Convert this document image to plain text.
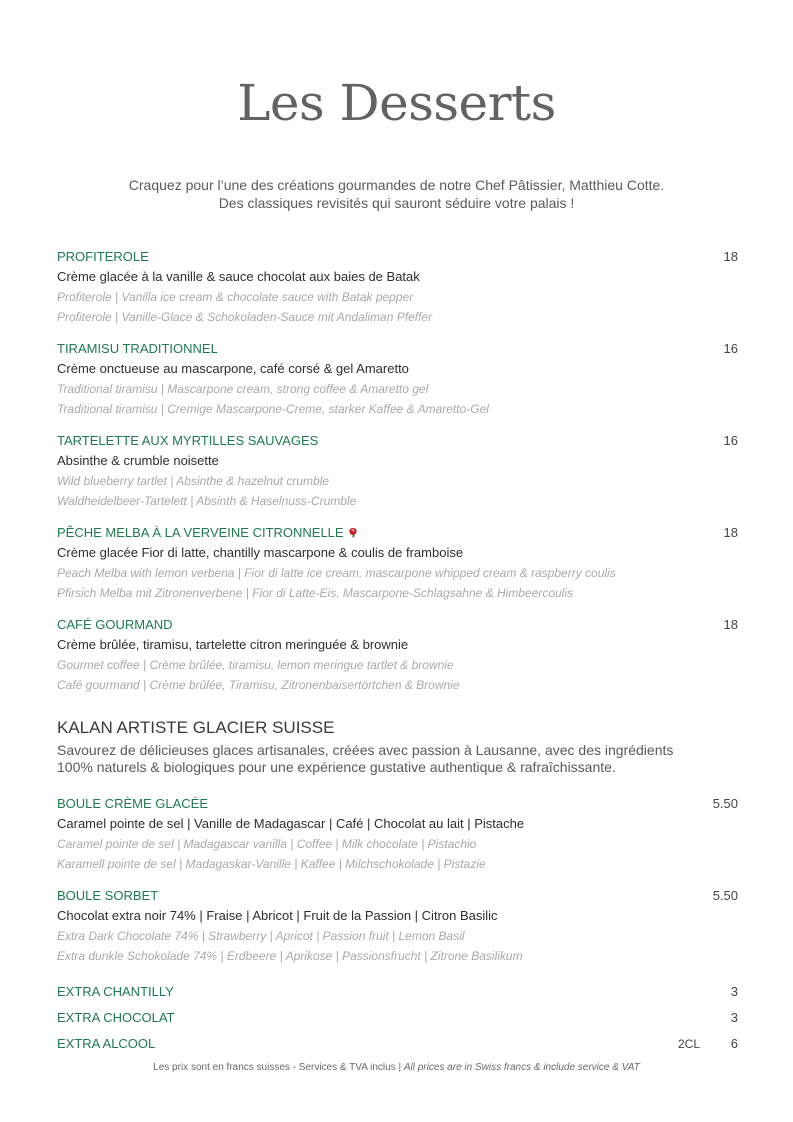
Les Desserts
Craquez pour l’une des créations gourmandes de notre Chef Pâtissier, Matthieu Cotte.
Des classiques revisités qui sauront séduire votre palais !
PROFITEROLE	18
Crème glacée à la vanille & sauce chocolat aux baies de Batak
Profiterole | Vanilla ice cream & chocolate sauce with Batak pepper
Profiterole | Vanille-Glace & Schokoladen-Sauce mit Andaliman Pfeffer
TIRAMISU TRADITIONNEL	16
Crème onctueuse au mascarpone, café corsé & gel Amaretto
Traditional tiramisu | Mascarpone cream, strong coffee & Amaretto gel
Traditional tiramisu | Cremige Mascarpone-Creme, starker Kaffee & Amaretto-Gel
TARTELETTE AUX MYRTILLES SAUVAGES	16
Absinthe & crumble noisette
Wild blueberry tartlet | Absinthe & hazelnut crumble
Waldheidelbeer-Tartelett | Absinth & Haselnuss-Crumble
PÊCHE MELBA À LA VERVEINE CITRONNELLE	18
Crème glacée Fior di latte, chantilly mascarpone & coulis de framboise
Peach Melba with lemon verbena | Fior di latte ice cream, mascarpone whipped cream & raspberry coulis
Pfirsich Melba mit Zitronenverbene | Fior di Latte-Eis, Mascarpone-Schlagsahne & Himbeercoulis
CAFÉ GOURMAND	18
Crème brûlée, tiramisu, tartelette citron meringuée & brownie
Gourmet coffee | Crème brûlée, tiramisu, lemon meringue tartlet & brownie
Café gourmand | Crème brûlée, Tiramisu, Zitronenbaisertörtchen & Brownie
KALAN ARTISTE GLACIER SUISSE
Savourez de délicieuses glaces artisanales, créées avec passion à Lausanne, avec des ingrédients
100% naturels & biologiques pour une expérience gustative authentique & rafraîchissante.
BOULE CRÈME GLACÉE	5.50
Caramel pointe de sel | Vanille de Madagascar | Café | Chocolat au lait | Pistache
Caramel pointe de sel | Madagascar vanilla | Coffee | Milk chocolate | Pistachio
Karamell pointe de sel | Madagaskar-Vanille | Kaffee | Milchschokolade | Pistazie
BOULE SORBET	5.50
Chocolat extra noir 74% | Fraise | Abricot | Fruit de la Passion | Citron Basilic
Extra Dark Chocolate 74% | Strawberry | Apricot | Passion fruit | Lemon Basil
Extra dunkle Schokolade 74% | Erdbeere | Aprikose | Passionsfrucht | Zitrone Basilikum
EXTRA CHANTILLY	3
EXTRA CHOCOLAT	3
EXTRA ALCOOL	2CL 6
Les prix sont en francs suisses - Services & TVA inclus | All prices are in Swiss francs & include service & VAT
